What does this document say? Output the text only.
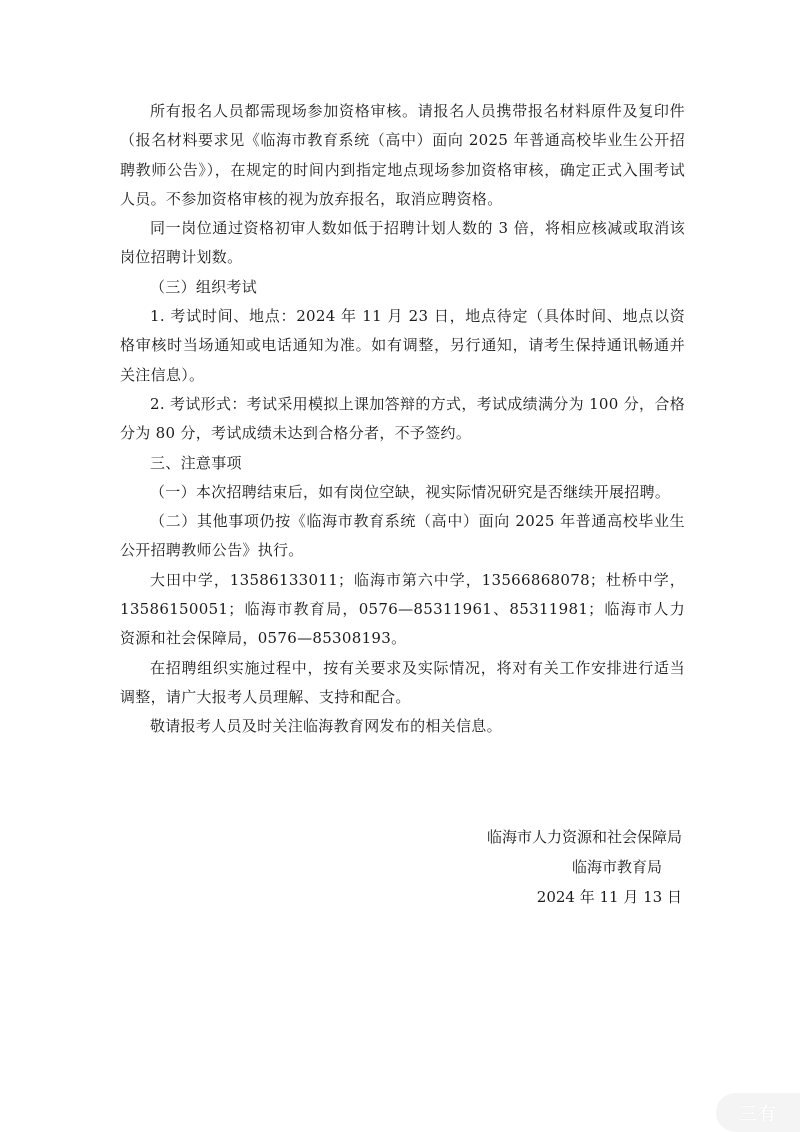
所有报名人员都需现场参加资格审核。请报名人员携带报名材料原件及复印件（报名材料要求见《临海市教育系统（高中）面向 2025 年普通高校毕业生公开招聘教师公告》），在规定的时间内到指定地点现场参加资格审核，确定正式入围考试人员。不参加资格审核的视为放弃报名，取消应聘资格。

同一岗位通过资格初审人数如低于招聘计划人数的 3 倍，将相应核减或取消该岗位招聘计划数。

（三）组织考试

1. 考试时间、地点：2024 年 11 月 23 日，地点待定（具体时间、地点以资格审核时当场通知或电话通知为准。如有调整，另行通知，请考生保持通讯畅通并关注信息）。

2. 考试形式：考试采用模拟上课加答辩的方式，考试成绩满分为 100 分，合格分为 80 分，考试成绩未达到合格分者，不予签约。

三、注意事项

（一）本次招聘结束后，如有岗位空缺，视实际情况研究是否继续开展招聘。

（二）其他事项仍按《临海市教育系统（高中）面向 2025 年普通高校毕业生公开招聘教师公告》执行。

大田中学，13586133011；临海市第六中学，13566868078；杜桥中学，13586150051；临海市教育局，0576—85311961、85311981；临海市人力资源和社会保障局，0576—85308193。

在招聘组织实施过程中，按有关要求及实际情况，将对有关工作安排进行适当调整，请广大报考人员理解、支持和配合。

敬请报考人员及时关注临海教育网发布的相关信息。

临海市人力资源和社会保障局
临海市教育局
2024 年 11 月 13 日
三有
